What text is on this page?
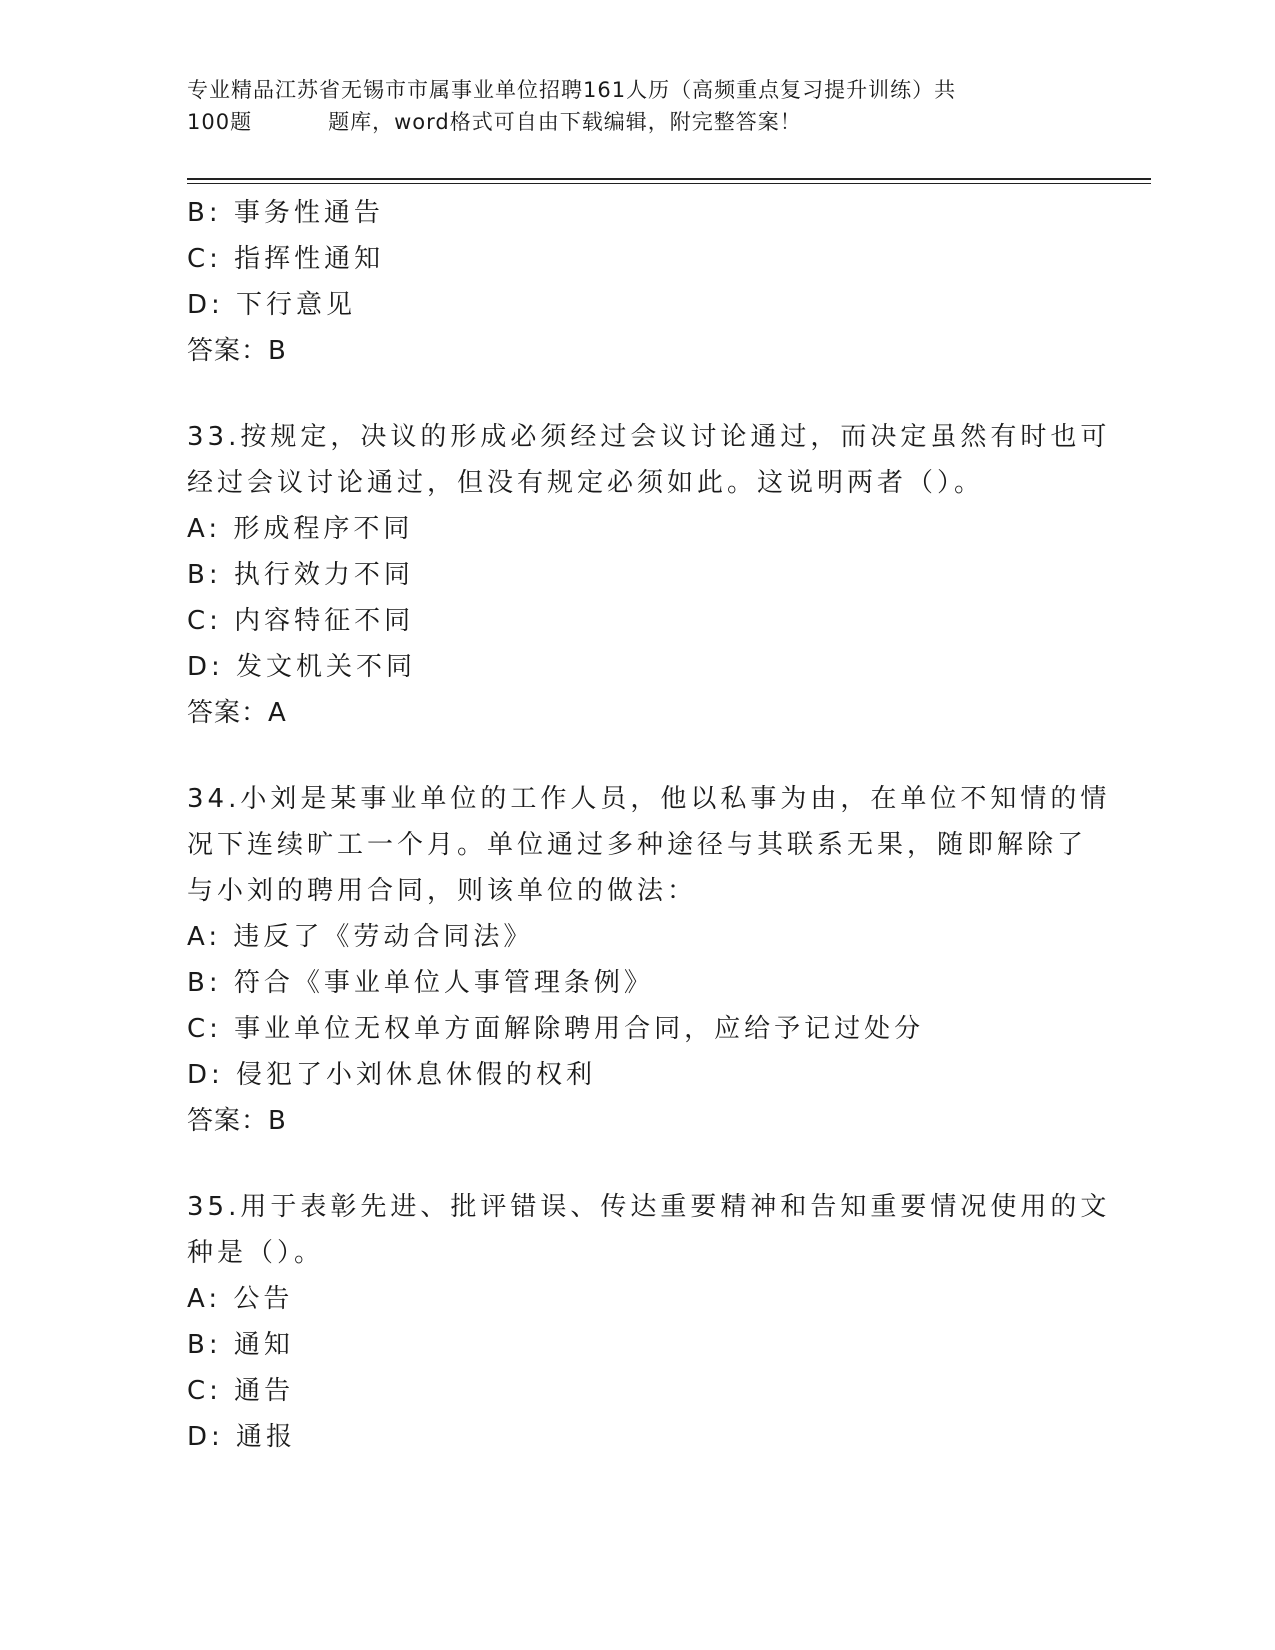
专业精品江苏省无锡市市属事业单位招聘161人历（高频重点复习提升训练）共
100题	题库，word格式可自由下载编辑，附完整答案！
B: 事务性通告
C: 指挥性通知
D: 下行意见
答案：B
33.按规定，决议的形成必须经过会议讨论通过，而决定虽然有时也可
经过会议讨论通过，但没有规定必须如此。这说明两者（）。
A: 形成程序不同
B: 执行效力不同
C: 内容特征不同
D: 发文机关不同
答案：A
34.小刘是某事业单位的工作人员，他以私事为由，在单位不知情的情
况下连续旷工一个月。单位通过多种途径与其联系无果，随即解除了
与小刘的聘用合同，则该单位的做法：
A: 违反了《劳动合同法》
B: 符合《事业单位人事管理条例》
C: 事业单位无权单方面解除聘用合同，应给予记过处分
D: 侵犯了小刘休息休假的权利
答案：B
35.用于表彰先进、批评错误、传达重要精神和告知重要情况使用的文
种是（）。
A: 公告
B: 通知
C: 通告
D: 通报
